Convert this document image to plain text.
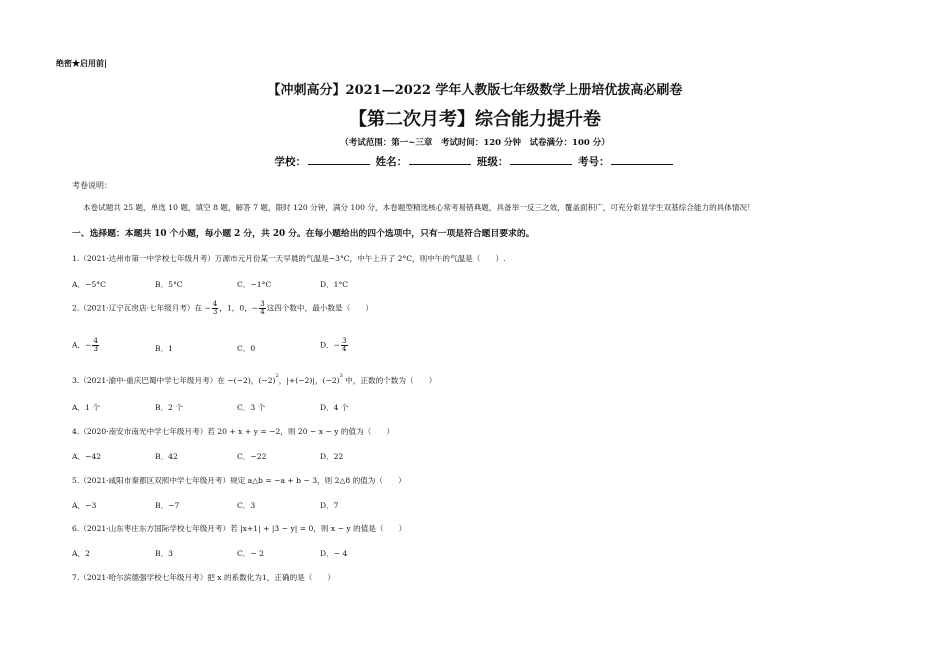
绝密★启用前|
【冲刺高分】2021—2022 学年人教版七年级数学上册培优拔高必刷卷
【第二次月考】综合能力提升卷
（考试范围：第一~三章　考试时间：120 分钟　试卷满分：100 分）
学校：	姓名：	班级：	考号：
考卷说明：
本卷试题共 25 题，单选 10 题，填空 8 题，解答 7 题，限时 120 分钟，满分 100 分，本卷题型精选核心常考易错典题，具备举一反三之效，覆盖面积广，可充分彰显学生双基综合能力的具体情况！
一、选择题：本题共 10 个小题，每小题 2 分，共 20 分。在每小题给出的四个选项中，只有一项是符合题目要求的。
1.（2021·达州市第一中学校七年级月考）万源市元月份某一天早晨的气温是−3°C，中午上升了 2°C，则中午的气温是（　　）.
A．−5°C	B．5°C	C．−1°C	D．1°C
2.（2021·辽宁瓦房店·七年级月考）在 − $\frac{4}{3}$ ，1，0，− $\frac{3}{4}$ 这四个数中，最小数是（　　）
A．− $\frac{4}{3}$	B．1	C．0	D．− $\frac{3}{4}$
3.（2021·渝中·重庆巴蜀中学七年级月考）在 −(−2)，$(-2)^2$，|+(−2)|，$(-2)^3$ 中，正数的个数为（　　）
A．1 个	B．2 个	C．3 个	D．4 个
4.（2020·南安市南光中学七年级月考）若 20 + x + y = −2，则 20 − x − y 的值为（　　）
A．−42	B．42	C．−22	D．22
5.（2021·咸阳市秦都区双照中学七年级月考）规定 a△b = −a + b − 3，则 2△8 的值为（　　）
A．−3	B．−7	C．3	D．7
6.（2021·山东枣庄东方国际学校七年级月考）若 |x+1| + |3 − y| = 0，则 x − y 的值是（　　）
A．2	B．3	C．− 2	D．− 4
7.（2021·哈尔滨德强学校七年级月考）把 x 的系数化为1，正确的是（　　）
